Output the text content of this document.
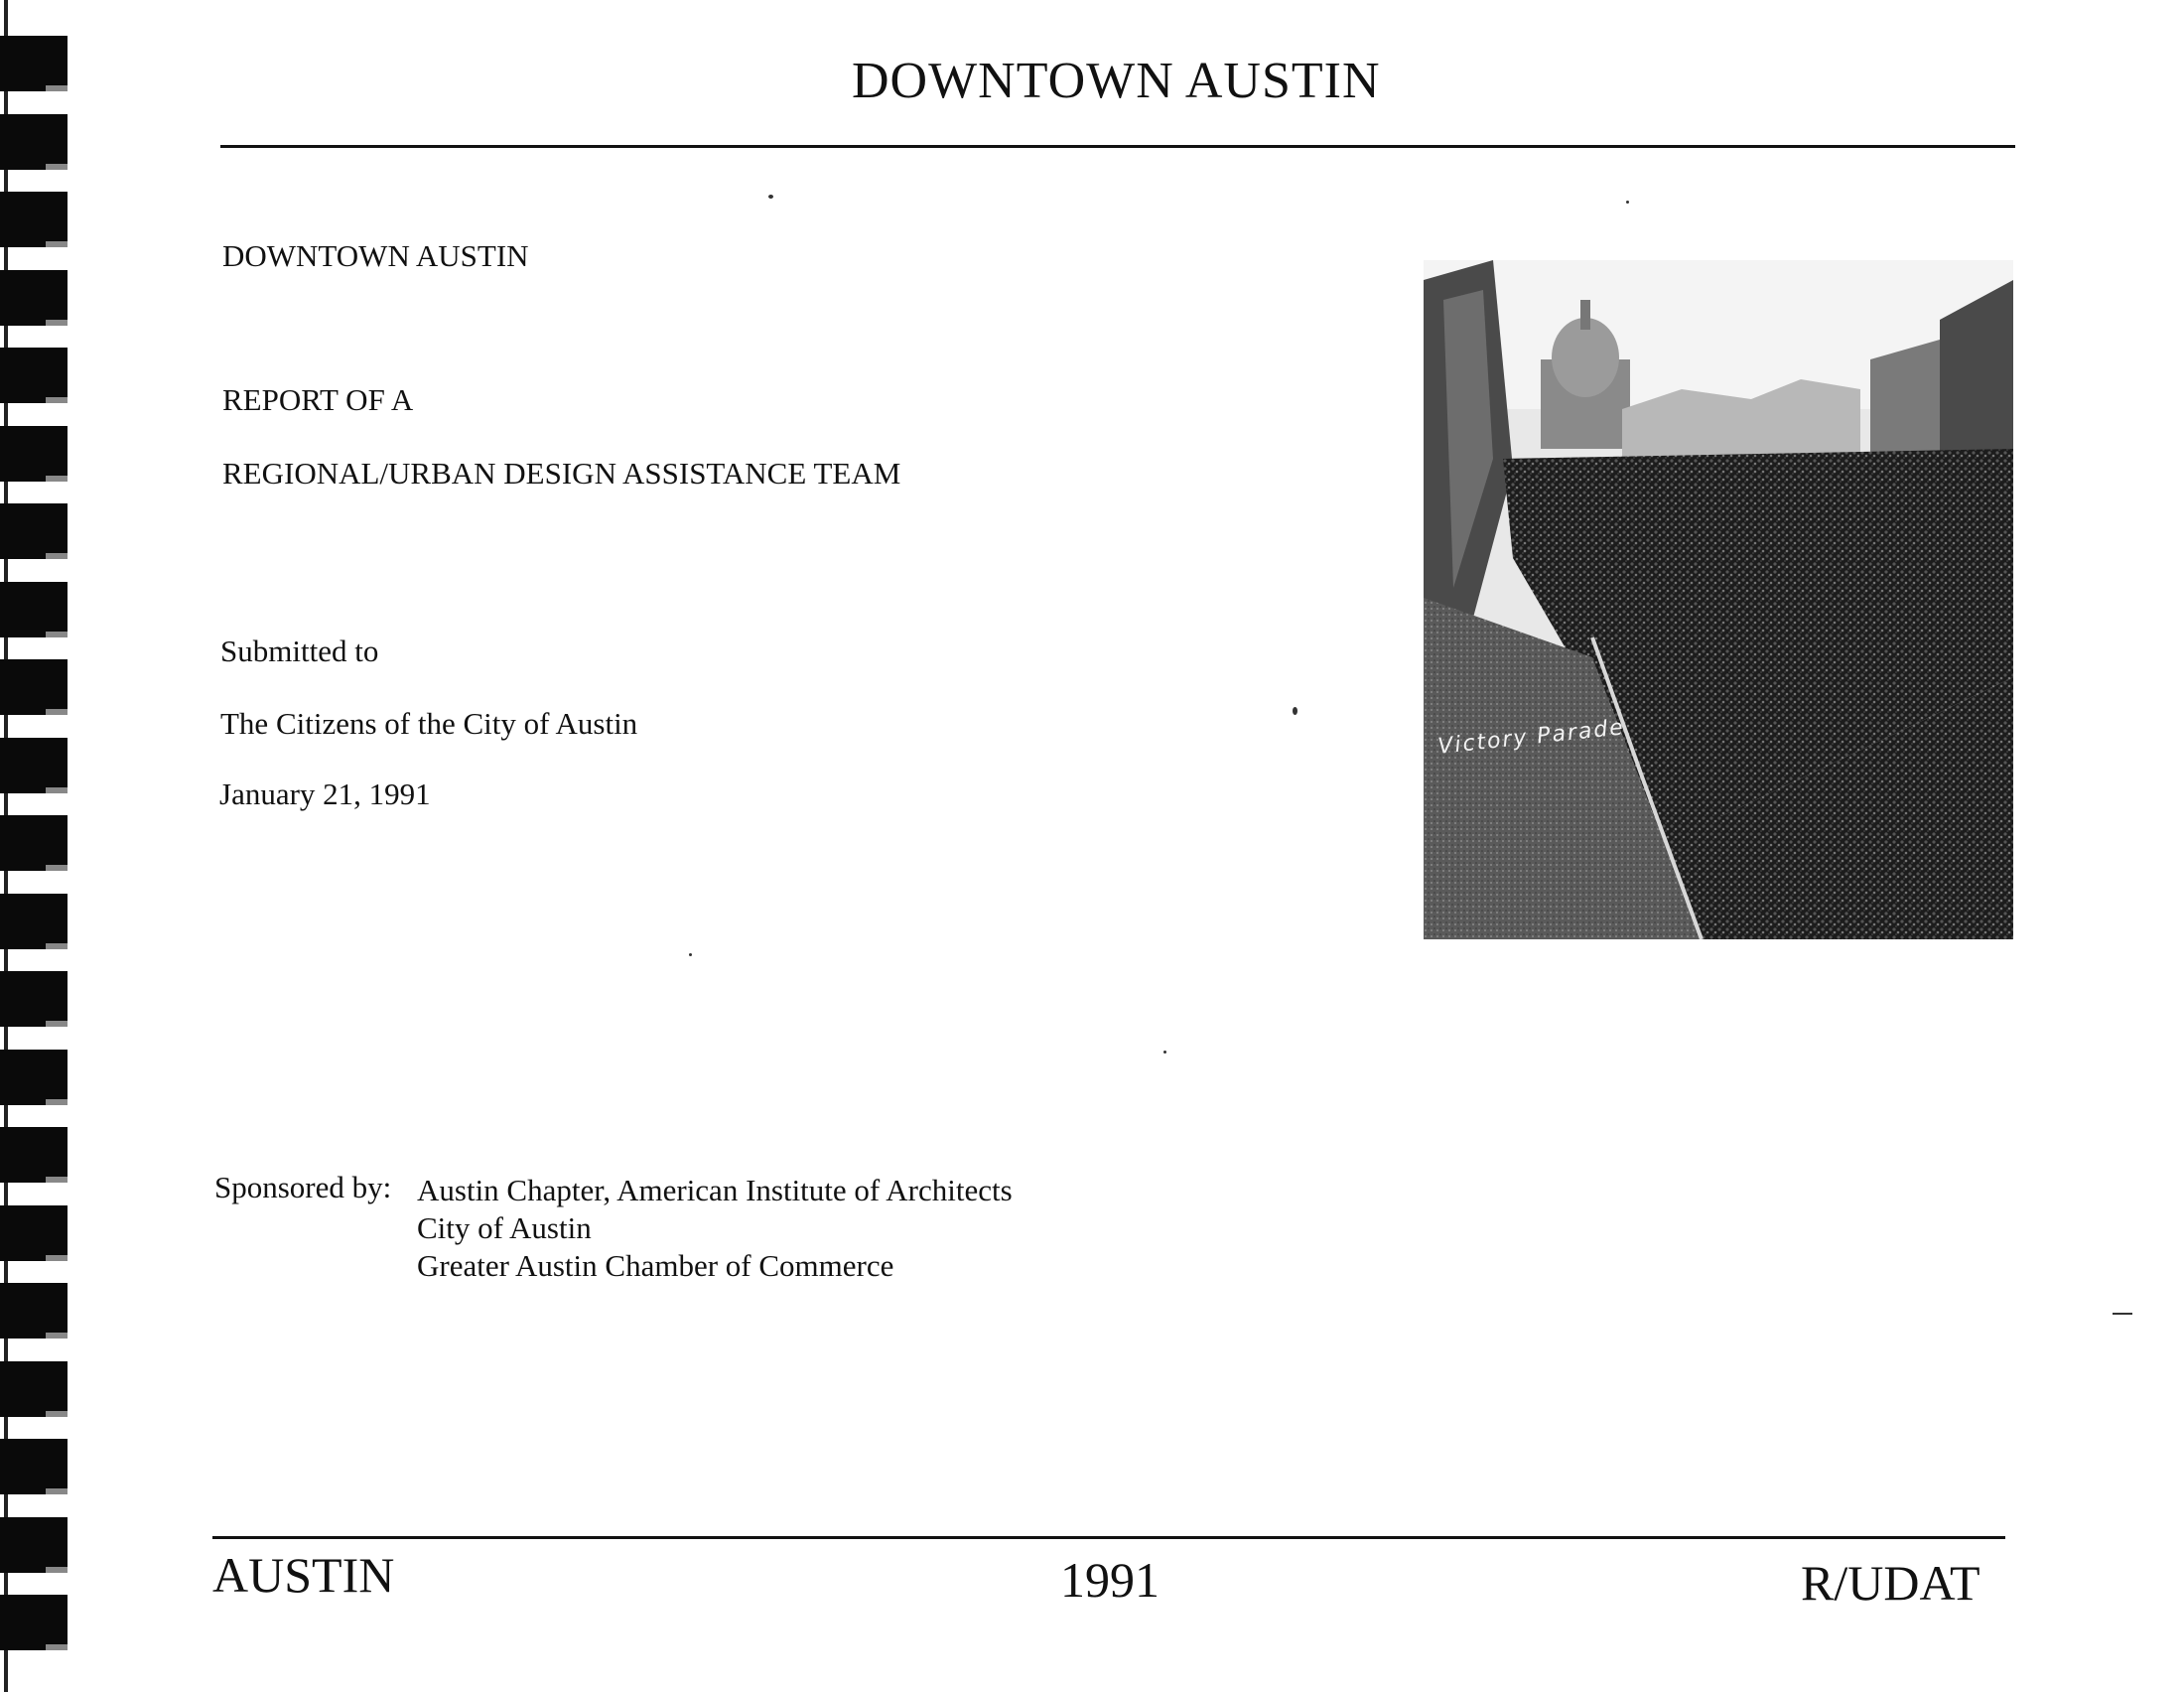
DOWNTOWN AUSTIN
DOWNTOWN AUSTIN
REPORT OF A
REGIONAL/URBAN DESIGN ASSISTANCE TEAM
Submitted to
The Citizens of the City of Austin
January 21, 1991
Victory Parade
Sponsored by: Austin Chapter, American Institute of Architects
City of Austin
Greater Austin Chamber of Commerce
AUSTIN	1991	R/UDAT
